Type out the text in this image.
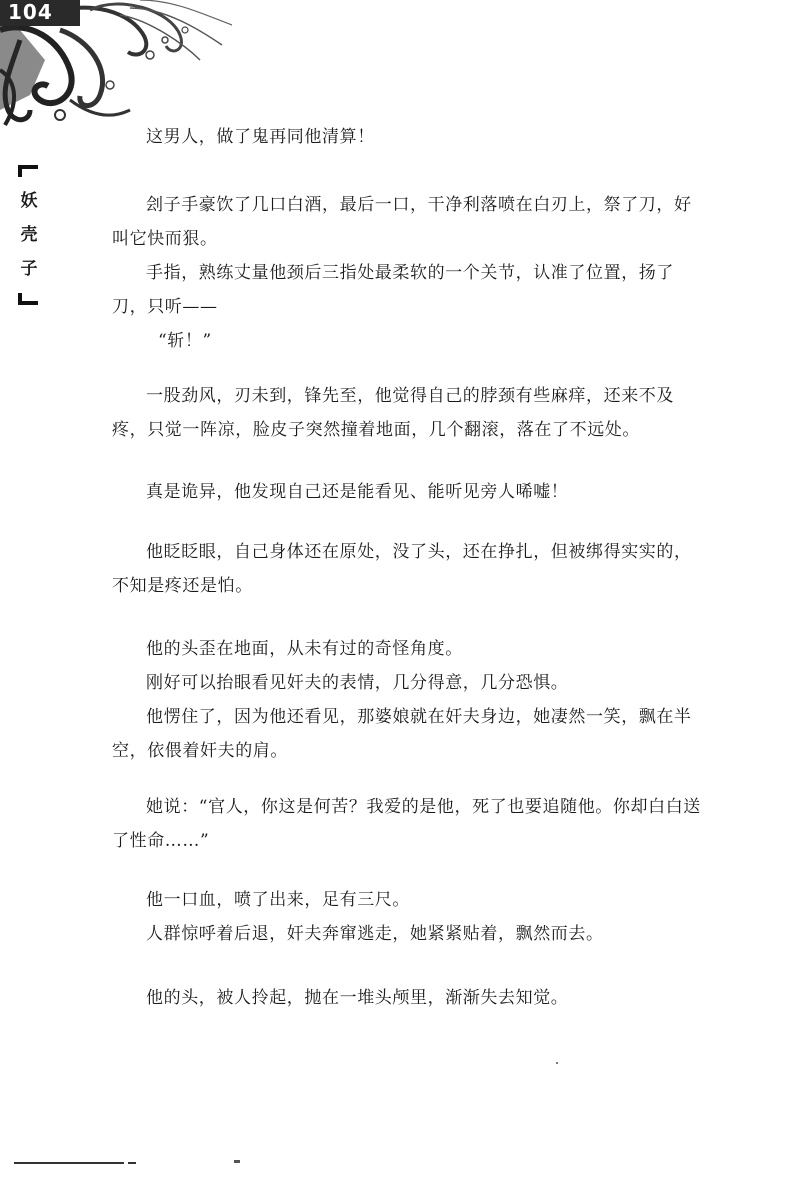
104
妖
壳
子

这男人，做了鬼再同他清算！

刽子手豪饮了几口白酒，最后一口，干净利落喷在白刃上，祭了刀，好叫它快而狠。

手指，熟练丈量他颈后三指处最柔软的一个关节，认准了位置，扬了刀，只听——

“斩！”

一股劲风，刃未到，锋先至，他觉得自己的脖颈有些麻痒，还来不及疼，只觉一阵凉，脸皮子突然撞着地面，几个翻滚，落在了不远处。

真是诡异，他发现自己还是能看见、能听见旁人唏嘘！

他眨眨眼，自己身体还在原处，没了头，还在挣扎，但被绑得实实的，不知是疼还是怕。

他的头歪在地面，从未有过的奇怪角度。

刚好可以抬眼看见奸夫的表情，几分得意，几分恐惧。

他愣住了，因为他还看见，那婆娘就在奸夫身边，她凄然一笑，飘在半空，依偎着奸夫的肩。

她说：“官人，你这是何苦？我爱的是他，死了也要追随他。你却白白送了性命……”

他一口血，喷了出来，足有三尺。

人群惊呼着后退，奸夫奔窜逃走，她紧紧贴着，飘然而去。

他的头，被人拎起，抛在一堆头颅里，渐渐失去知觉。
